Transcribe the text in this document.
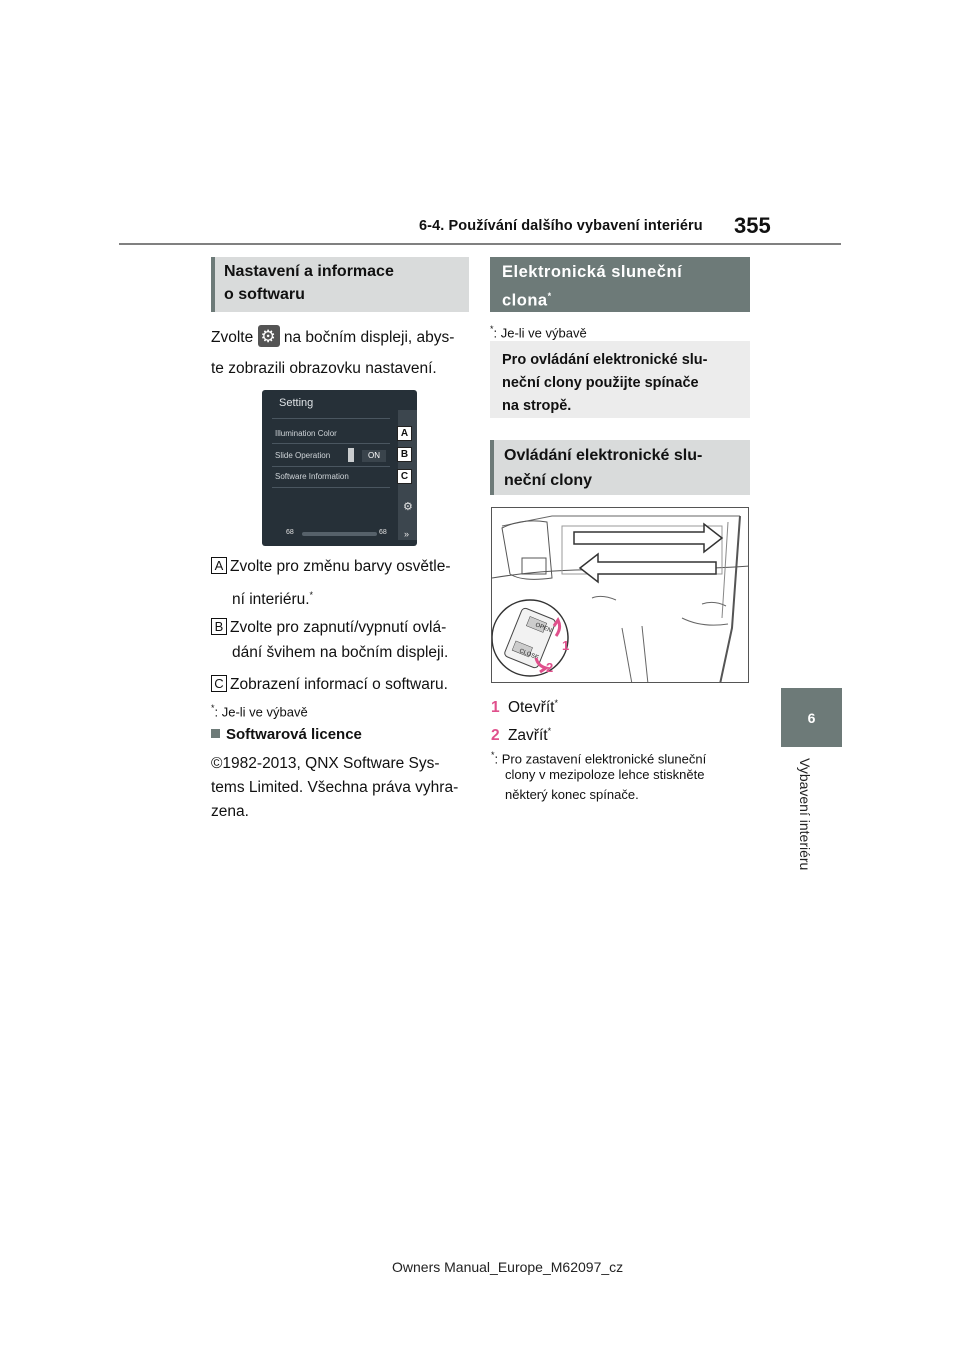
6-4. Používání dalšího vybavení interiéru 355
6
Vybavení interiéru
Nastavení a informace
o softwaru
Zvolte ⚙ na bočním displeji, abys-
te zobrazili obrazovku nastavení.
Setting
Illumination Color
Slide Operation	ON
Software Information
⚙
»
68	68
A
B
C
A Zvolte pro změnu barvy osvětle-
ní interiéru.*
B Zvolte pro zapnutí/vypnutí ovlá-
dání švihem na bočním displeji.
C Zobrazení informací o softwaru.
*: Je-li ve výbavě
Softwarová licence
©1982-2013, QNX Software Sys-
tems Limited. Všechna práva vyhra-
zena.
Elektronická sluneční
clona*
*: Je-li ve výbavě
Pro ovládání elektronické slu-
neční clony použijte spínače
na stropě.
Ovládání elektronické slu-
neční clony
OPEN
CLOSE
1
2
1 Otevřít*
2 Zavřít*
*: Pro zastavení elektronické sluneční
clony v mezipoloze lehce stiskněte
některý konec spínače.
Owners Manual_Europe_M62097_cz
